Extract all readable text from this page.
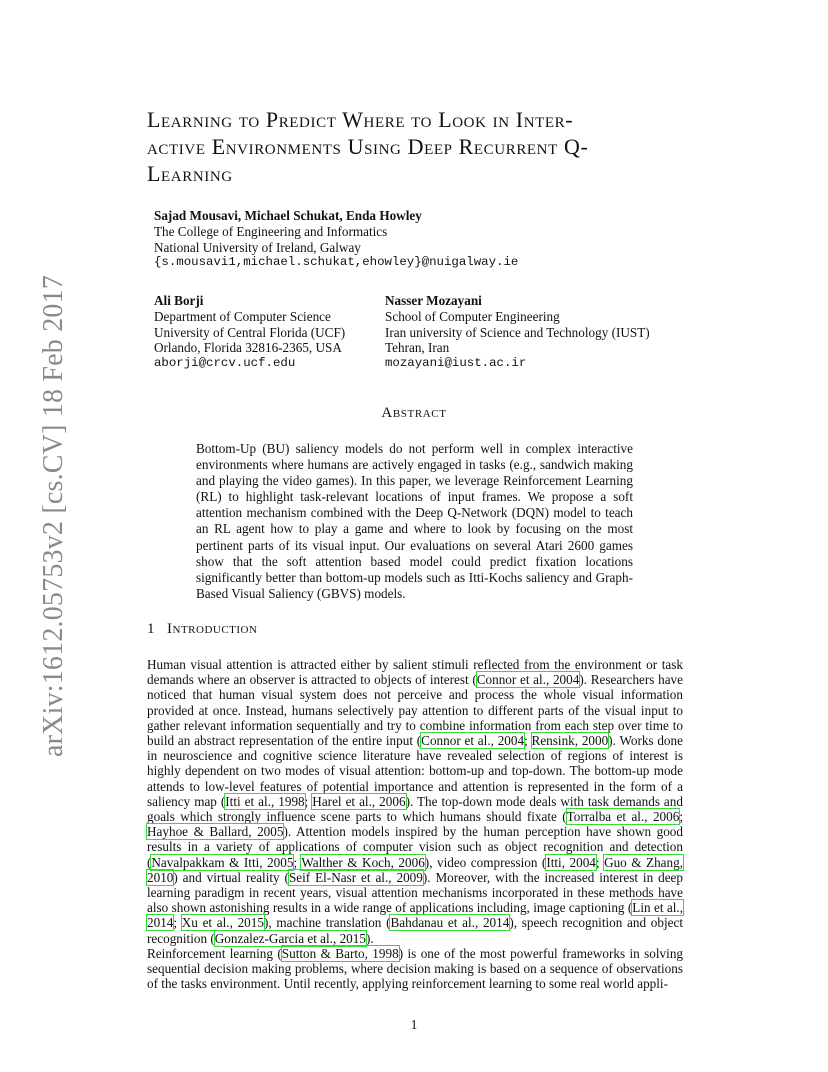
arXiv:1612.05753v2 [cs.CV] 18 Feb 2017
Learning to Predict Where to Look in Inter-
active Environments Using Deep Recurrent Q-
Learning
Sajad Mousavi, Michael Schukat, Enda Howley
The College of Engineering and Informatics
National University of Ireland, Galway
{s.mousavi1,michael.schukat,ehowley}@nuigalway.ie
Ali Borji
Department of Computer Science
University of Central Florida (UCF)
Orlando, Florida 32816-2365, USA
aborji@crcv.ucf.edu
Nasser Mozayani
School of Computer Engineering
Iran university of Science and Technology (IUST)
Tehran, Iran
mozayani@iust.ac.ir
Abstract

Bottom-Up (BU) saliency models do not perform well in complex interactive environments where humans are actively engaged in tasks (e.g., sandwich making and playing the video games). In this paper, we leverage Reinforcement Learning (RL) to highlight task-relevant locations of input frames. We propose a soft attention mechanism combined with the Deep Q-Network (DQN) model to teach an RL agent how to play a game and where to look by focusing on the most pertinent parts of its visual input. Our evaluations on several Atari 2600 games show that the soft attention based model could predict fixation locations significantly better than bottom-up models such as Itti-Kochs saliency and Graph-Based Visual Saliency (GBVS) models.

1 Introduction

Human visual attention is attracted either by salient stimuli reflected from the environment or task demands where an observer is attracted to objects of interest (Connor et al., 2004). Researchers have noticed that human visual system does not perceive and process the whole visual information provided at once. Instead, humans selectively pay attention to different parts of the visual input to gather relevant information sequentially and try to combine information from each step over time to build an abstract representation of the entire input (Connor et al., 2004; Rensink, 2000). Works done in neuroscience and cognitive science literature have revealed selection of regions of interest is highly dependent on two modes of visual attention: bottom-up and top-down. The bottom-up mode attends to low-level features of potential importance and attention is represented in the form of a saliency map (Itti et al., 1998; Harel et al., 2006). The top-down mode deals with task demands and goals which strongly influence scene parts to which humans should fixate (Torralba et al., 2006; Hayhoe & Ballard, 2005). Attention models inspired by the human perception have shown good results in a variety of applications of computer vision such as object recognition and detection (Navalpakkam & Itti, 2005; Walther & Koch, 2006), video compression (Itti, 2004; Guo & Zhang, 2010) and virtual reality (Seif El-Nasr et al., 2009). Moreover, with the increased interest in deep learning paradigm in recent years, visual attention mechanisms incorporated in these methods have also shown astonishing results in a wide range of applications including, image captioning (Lin et al., 2014; Xu et al., 2015), machine translation (Bahdanau et al., 2014), speech recognition and object recognition (Gonzalez-Garcia et al., 2015).

Reinforcement learning (Sutton & Barto, 1998) is one of the most powerful frameworks in solving sequential decision making problems, where decision making is based on a sequence of observations of the tasks environment. Until recently, applying reinforcement learning to some real world appli-

1
